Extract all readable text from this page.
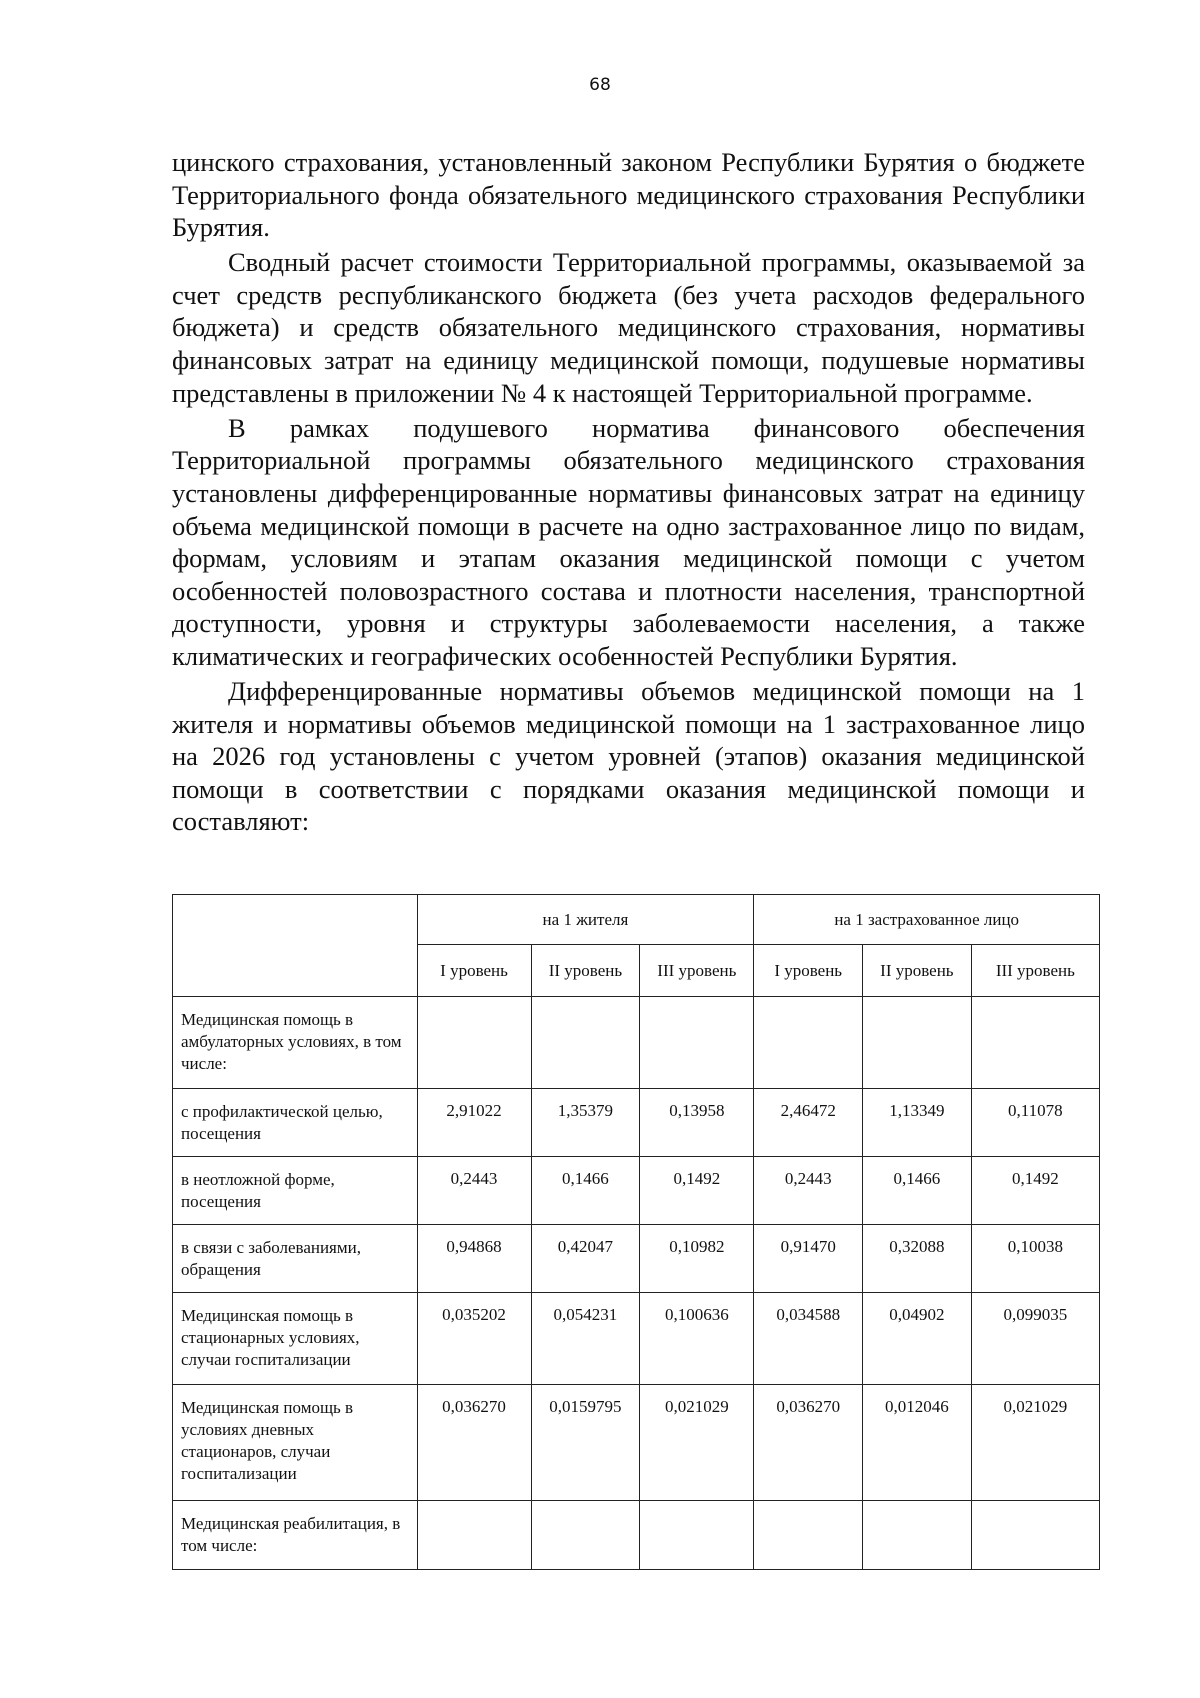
68

цинского страхования, установленный законом Республики Бурятия о бюджете Территориального фонда обязательного медицинского страхования Республики Бурятия.

Сводный расчет стоимости Территориальной программы, оказываемой за счет средств республиканского бюджета (без учета расходов федерального бюджета) и средств обязательного медицинского страхования, нормативы финансовых затрат на единицу медицинской помощи, подушевые нормативы представлены в приложении № 4 к настоящей Территориальной программе.

В рамках подушевого норматива финансового обеспечения Территориальной программы обязательного медицинского страхования установлены дифференцированные нормативы финансовых затрат на единицу объема медицинской помощи в расчете на одно застрахованное лицо по видам, формам, условиям и этапам оказания медицинской помощи с учетом особенностей половозрастного состава и плотности населения, транспортной доступности, уровня и структуры заболеваемости населения, а также климатических и географических особенностей Республики Бурятия.

Дифференцированные нормативы объемов медицинской помощи на 1 жителя и нормативы объемов медицинской помощи на 1 застрахованное лицо на 2026 год установлены с учетом уровней (этапов) оказания медицинской помощи в соответствии с порядками оказания медицинской помощи и составляют:

	на 1 жителя			на 1 застрахованное лицо		
	I уровень	II уровень	III уровень	I уровень	II уровень	III уровень
Медицинская помощь в амбулаторных условиях, в том числе:						
с профилактической целью, посещения	2,91022	1,35379	0,13958	2,46472	1,13349	0,11078
в неотложной форме, посещения	0,2443	0,1466	0,1492	0,2443	0,1466	0,1492
в связи с заболеваниями, обращения	0,94868	0,42047	0,10982	0,91470	0,32088	0,10038
Медицинская помощь в стационарных условиях, случаи госпитализации	0,035202	0,054231	0,100636	0,034588	0,04902	0,099035
Медицинская помощь в условиях дневных стационаров, случаи госпитализации	0,036270	0,0159795	0,021029	0,036270	0,012046	0,021029
Медицинская реабилитация, в том числе:						
